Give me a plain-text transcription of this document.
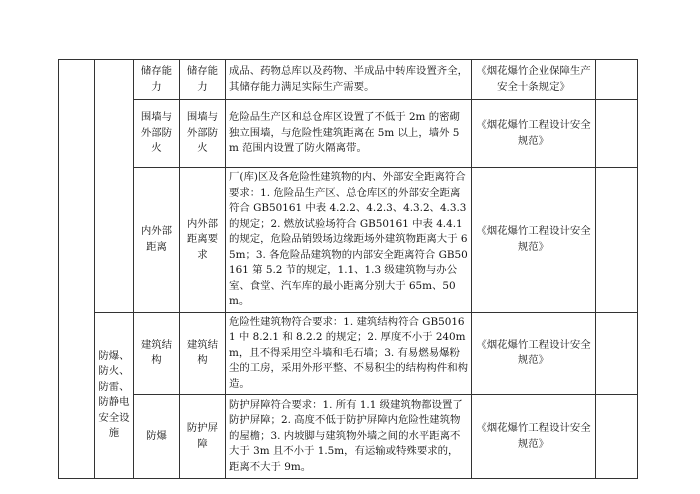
		储存能力	储存能力	成品、药物总库以及药物、半成品中转库设置齐全，其储存能力满足实际生产需要。	《烟花爆竹企业保障生产安全十条规定》	
		围墙与外部防火	围墙与外部防火	危险品生产区和总仓库区设置了不低于 2m 的密砌独立围墙，与危险性建筑距离在 5m 以上，墙外 5m 范围内设置了防火隔离带。	《烟花爆竹工程设计安全规范》	
		内外部距离	内外部距离要求	厂(库)区及各危险性建筑物的内、外部安全距离符合要求：1. 危险品生产区、总仓库区的外部安全距离符合 GB50161 中表 4.2.2、4.2.3、4.3.2、4.3.3 的规定；2. 燃放试验场符合 GB50161 中表 4.4.1 的规定，危险品销毁场边缘距场外建筑物距离大于 65m；3. 各危险品建筑物的内部安全距离符合 GB50161 第 5.2 节的规定，1.1、1.3 级建筑物与办公室、食堂、汽车库的最小距离分别大于 65m、50m。	《烟花爆竹工程设计安全规范》	
	防爆、防火、防雷、防静电安全设施	建筑结构	建筑结构	危险性建筑物符合要求：1. 建筑结构符合 GB50161 中 8.2.1 和 8.2.2 的规定；2. 厚度不小于 240mm，且不得采用空斗墙和毛石墙；3. 有易燃易爆粉尘的工房，采用外形平整、不易积尘的结构构件和构造。	《烟花爆竹工程设计安全规范》	
		防爆	防护屏障	防护屏障符合要求：1. 所有 1.1 级建筑物都设置了防护屏障；2. 高度不低于防护屏障内危险性建筑物的屋檐；3. 内坡脚与建筑物外墙之间的水平距离不大于 3m 且不小于 1.5m，有运输或特殊要求的，距离不大于 9m。	《烟花爆竹工程设计安全规范》	
